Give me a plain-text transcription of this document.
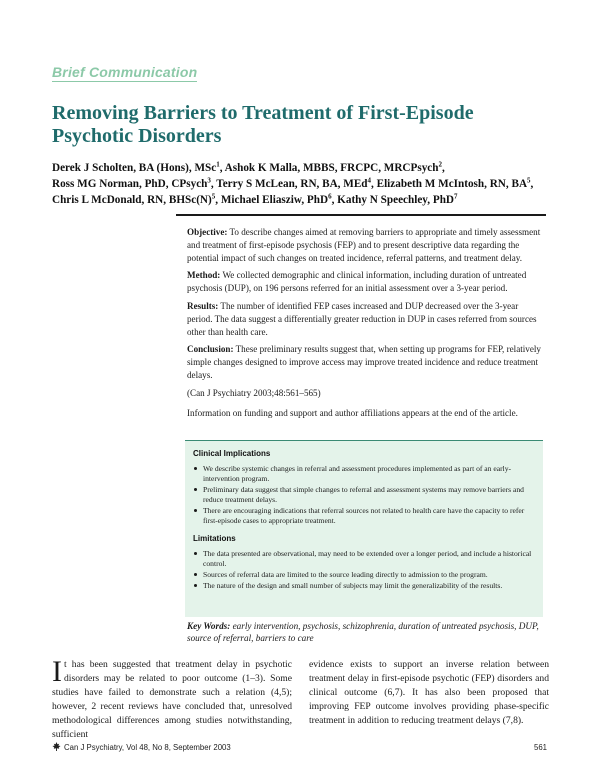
Brief Communication
Removing Barriers to Treatment of First-Episode
Psychotic Disorders
Derek J Scholten, BA (Hons), MSc$^1$, Ashok K Malla, MBBS, FRCPC, MRCPsych$^2$,
Ross MG Norman, PhD, CPsych$^3$, Terry S McLean, RN, BA, MEd$^4$, Elizabeth M McIntosh, RN, $BA^5$,
Chris L McDonald, RN, $BHSc(N)^5$, Michael Eliasziw, PhD$^6$, Kathy N Speechley, PhD$^7$

Objective: To describe changes aimed at removing barriers to appropriate and timely assessment and treatment of first-episode psychosis (FEP) and to present descriptive data regarding the potential impact of such changes on treated incidence, referral patterns, and treatment delay.

Method: We collected demographic and clinical information, including duration of untreated psychosis (DUP), on 196 persons referred for an initial assessment over a 3-year period.

Results: The number of identified FEP cases increased and DUP decreased over the 3-year period. The data suggest a differentially greater reduction in DUP in cases referred from sources other than health care.

Conclusion: These preliminary results suggest that, when setting up programs for FEP, relatively simple changes designed to improve access may improve treated incidence and reduce treatment delays.

(Can J Psychiatry 2003;48:561–565)

Information on funding and support and author affiliations appears at the end of the article.

Clinical Implications
We describe systemic changes in referral and assessment procedures implemented as part of an early-intervention program.
Preliminary data suggest that simple changes to referral and assessment systems may remove barriers and reduce treatment delays.
There are encouraging indications that referral sources not related to health care have the capacity to refer first-episode cases to appropriate treatment.
Limitations
The data presented are observational, may need to be extended over a longer period, and include a historical control.
Sources of referral data are limited to the source leading directly to admission to the program.
The nature of the design and small number of subjects may limit the generalizability of the results.
Key Words: early intervention, psychosis, schizophrenia, duration of untreated psychosis, DUP, source of referral, barriers to care
It has been suggested that treatment delay in psychotic disorders may be related to poor outcome (1–3). Some studies have failed to demonstrate such a relation (4,5); however, 2 recent reviews have concluded that, unresolved methodological differences among studies notwithstanding, sufficient
evidence exists to support an inverse relation between treatment delay in first-episode psychotic (FEP) disorders and clinical outcome (6,7). It has also been proposed that improving FEP outcome involves providing phase-specific treatment in addition to reducing treatment delays (7,8).
Can J Psychiatry, Vol 48, No 8, September 2003	561
